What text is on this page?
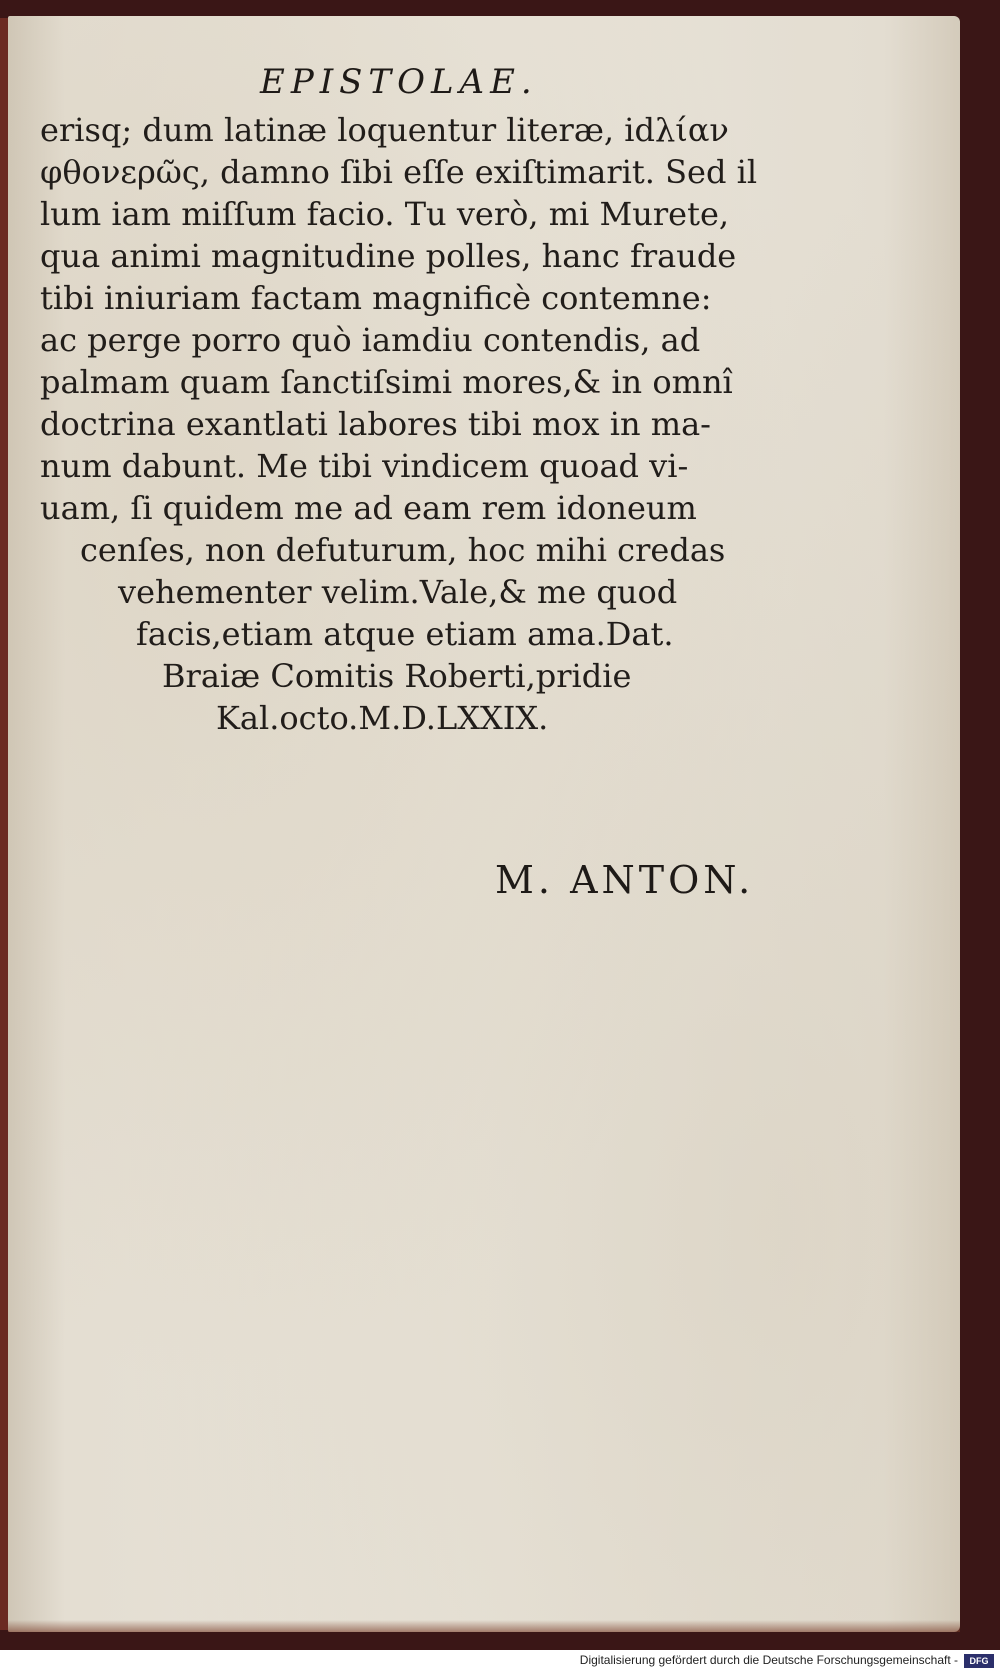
EPISTOLAE.
erisq; dum latinæ loquentur literæ, idλίαν
φθονερῶς, damno ſibi eſſe exiſtimarit. Sed il
lum iam miſſum facio. Tu verò, mi Murete,
qua animi magnitudine polles, hanc fraude
tibi iniuriam factam magnificè contemne:
ac perge porro quò iamdiu contendis, ad
palmam quam ſanctiſsimi mores,& in omnî
doctrina exantlati labores tibi mox in ma-
num dabunt. Me tibi vindicem quoad vi-
uam, ſi quidem me ad eam rem idoneum
cenſes, non defuturum, hoc mihi credas
vehementer velim.Vale,& me quod
facis,etiam atque etiam ama.Dat.
Braiæ Comitis Roberti,pridie
Kal.octo.M.D.LXXIX.
M. ANTON.
Digitalisierung gefördert durch die Deutsche Forschungsgemeinschaft -	DFG
